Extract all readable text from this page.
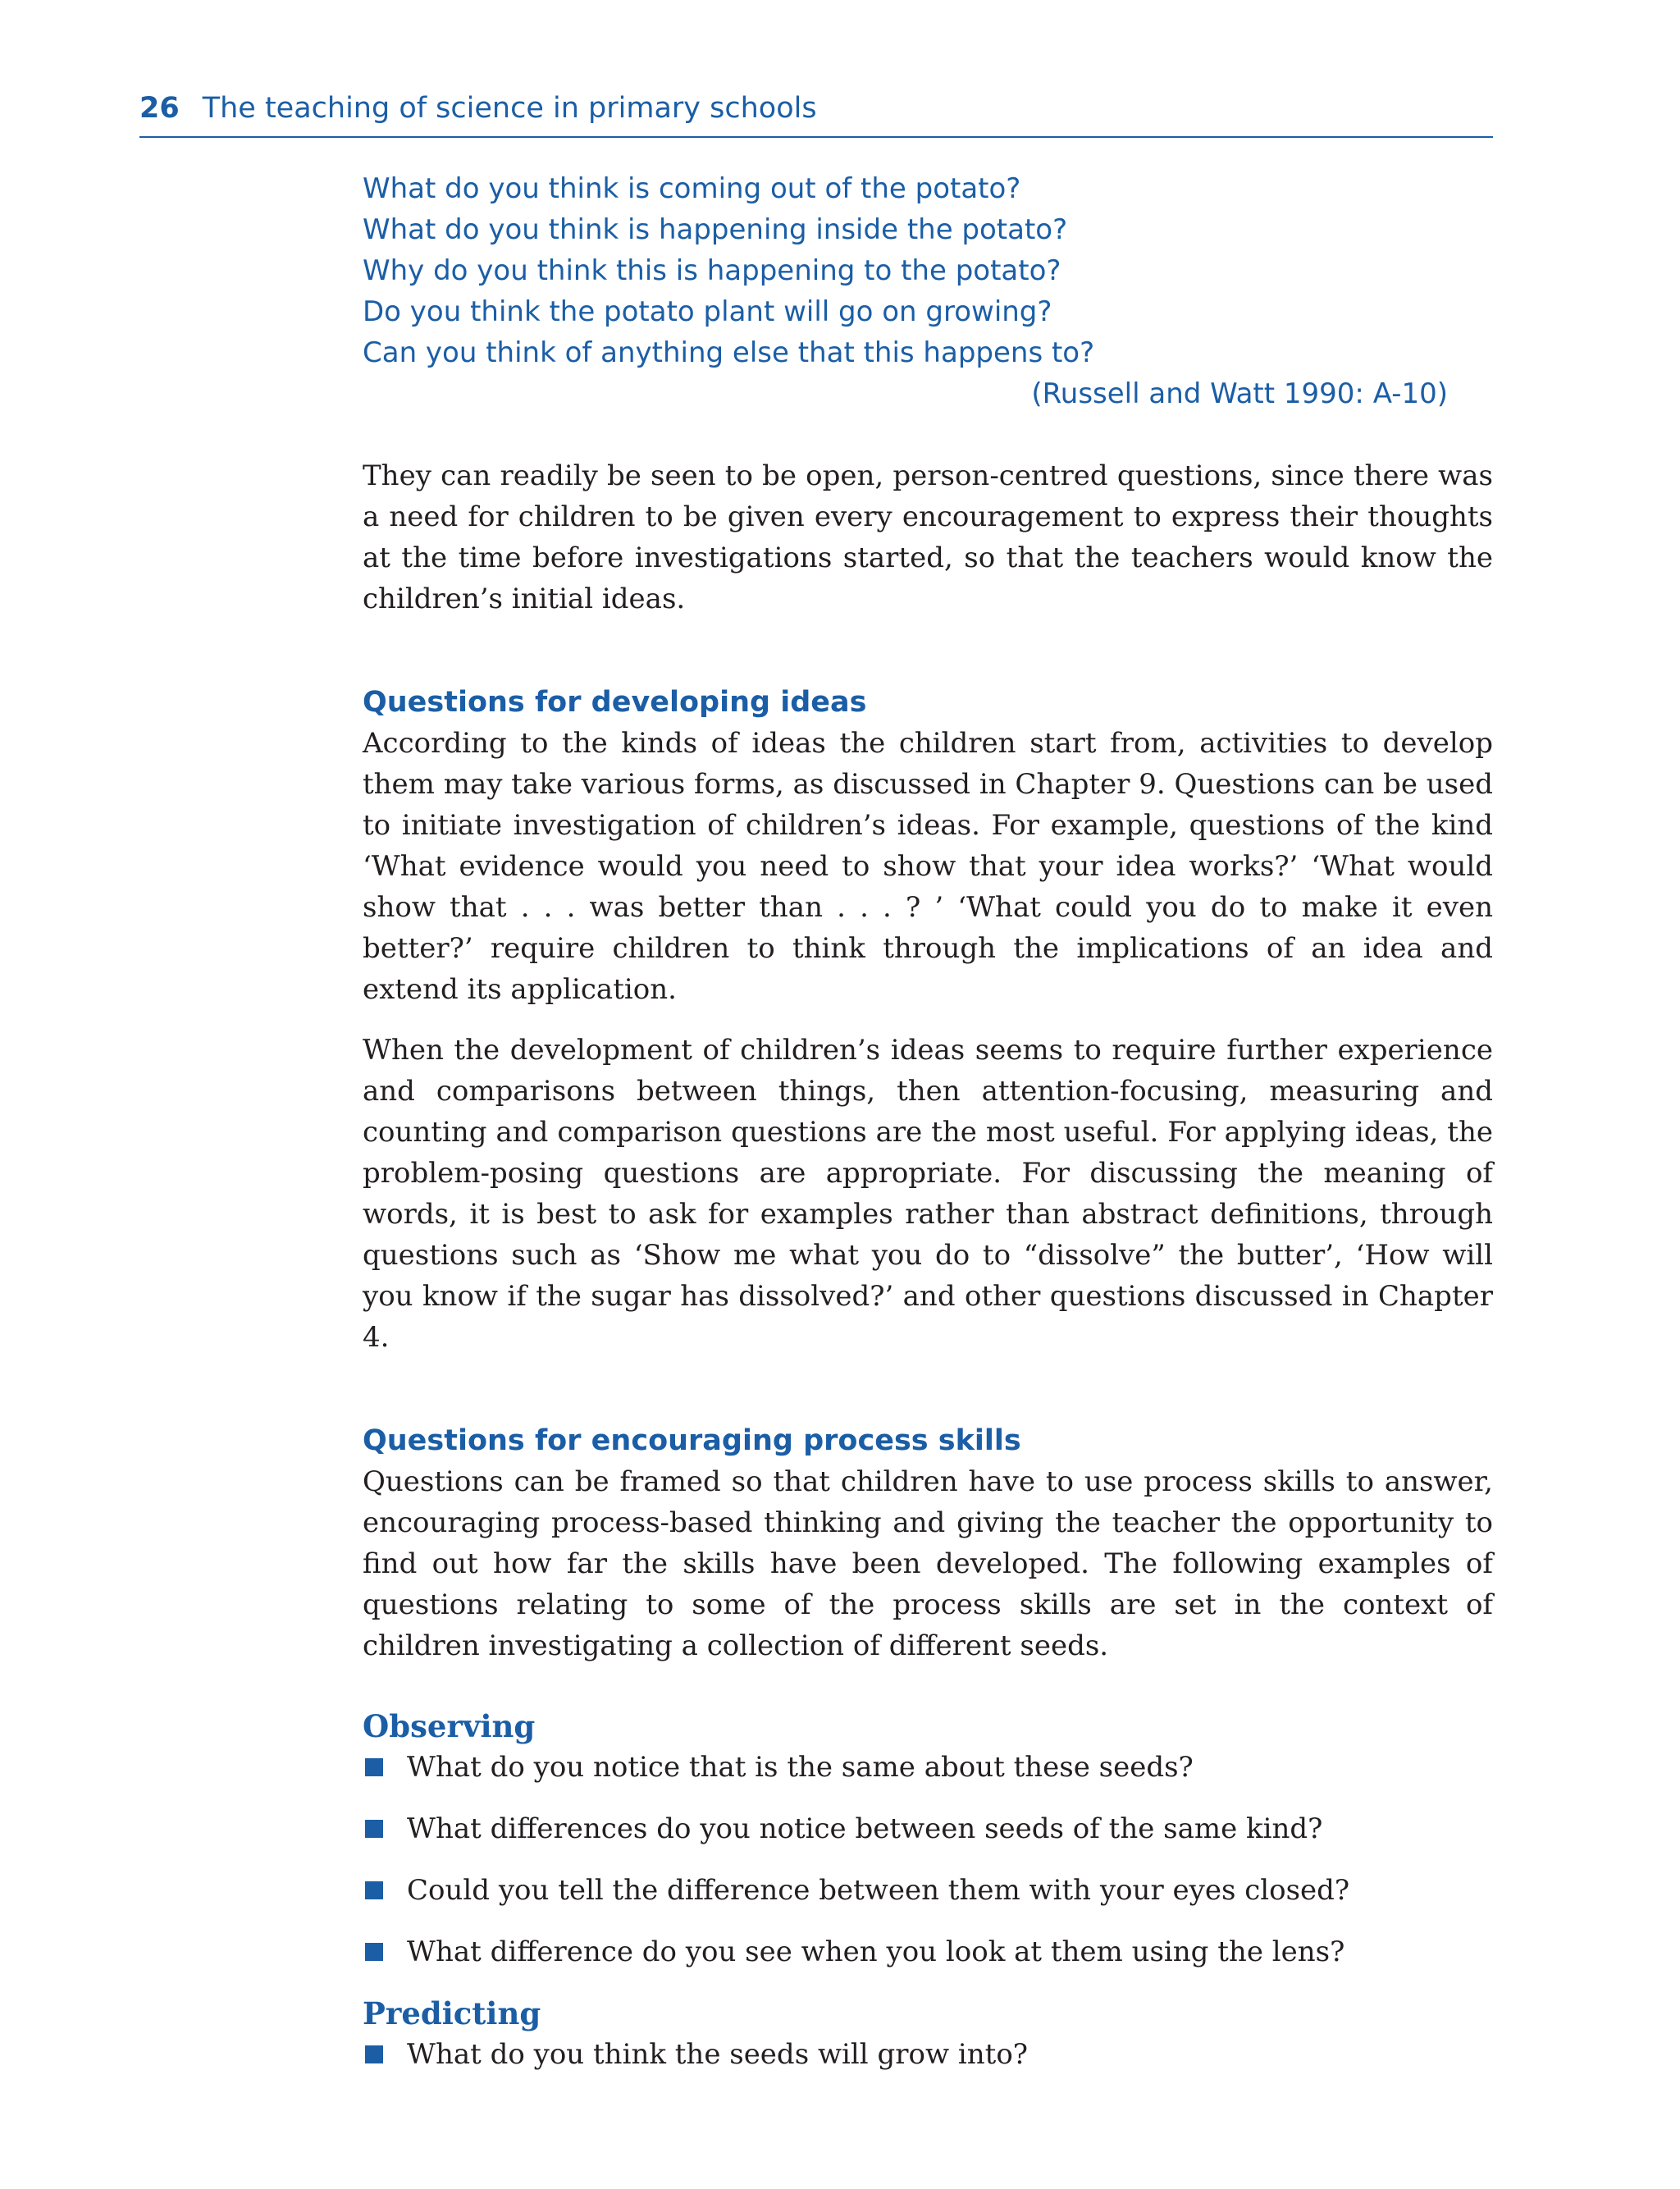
26 The teaching of science in primary schools
What do you think is coming out of the potato?
What do you think is happening inside the potato?
Why do you think this is happening to the potato?
Do you think the potato plant will go on growing?
Can you think of anything else that this happens to?
(Russell and Watt 1990: A-10)

They can readily be seen to be open, person-centred questions, since there was a need for children to be given every encouragement to express their thoughts at the time before investigations started, so that the teachers would know the children’s initial ideas.

Questions for developing ideas

According to the kinds of ideas the children start from, activities to develop them may take various forms, as discussed in Chapter 9. Questions can be used to initiate investigation of children’s ideas. For example, questions of the kind ‘What evidence would you need to show that your idea works?’ ‘What would show that . . . was better than . . . ? ’ ‘What could you do to make it even better?’ require children to think through the implications of an idea and extend its application.

When the development of children’s ideas seems to require further experience and comparisons between things, then attention-focusing, measuring and counting and comparison questions are the most useful. For applying ideas, the problem-posing questions are appropriate. For discussing the meaning of words, it is best to ask for examples rather than abstract definitions, through questions such as ‘Show me what you do to “dissolve” the butter’, ‘How will you know if the sugar has dissolved?’ and other questions discussed in Chapter 4.

Questions for encouraging process skills

Questions can be framed so that children have to use process skills to answer, encouraging process-based thinking and giving the teacher the opportunity to find out how far the skills have been developed. The following examples of questions relating to some of the process skills are set in the context of children investigating a collection of different seeds.

Observing
What do you notice that is the same about these seeds?
What differences do you notice between seeds of the same kind?
Could you tell the difference between them with your eyes closed?
What difference do you see when you look at them using the lens?
Predicting
What do you think the seeds will grow into?
